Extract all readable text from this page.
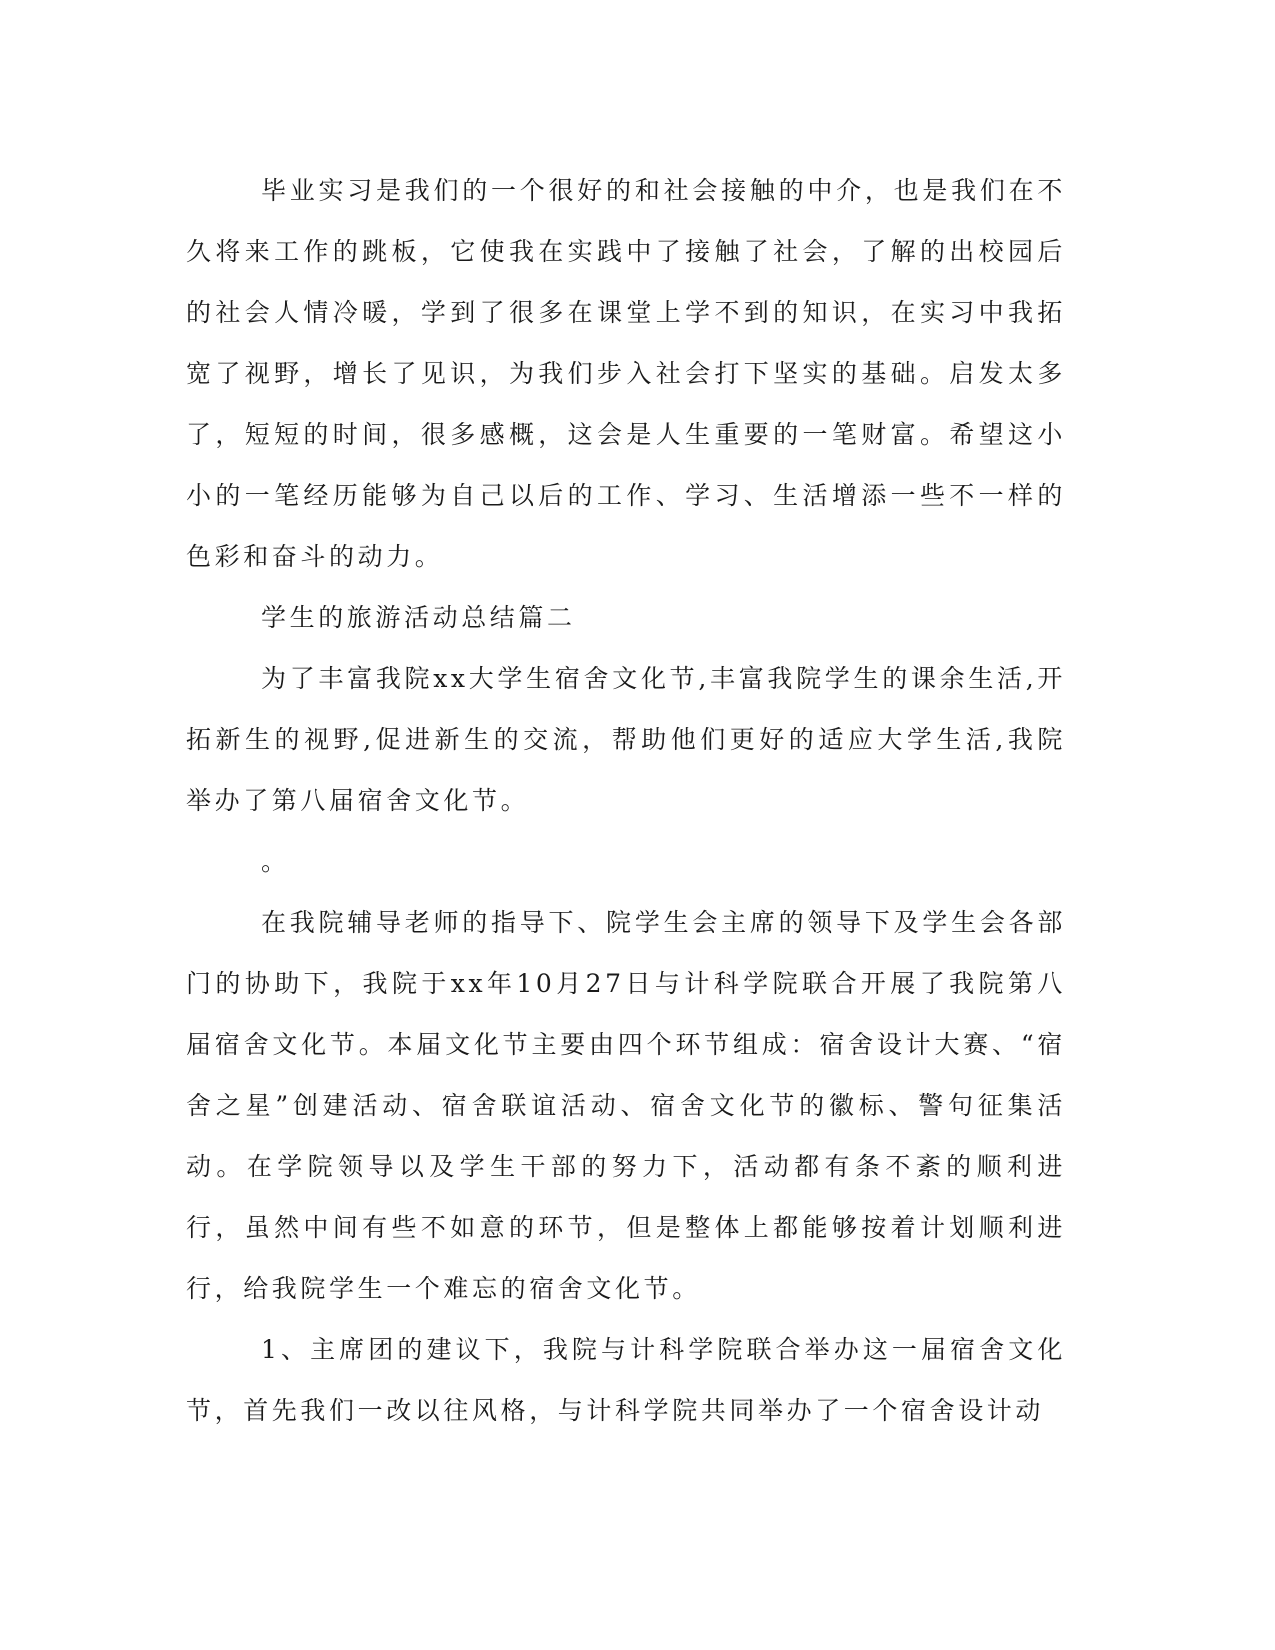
毕业实习是我们的一个很好的和社会接触的中介，也是我们在不久将来工作的跳板，它使我在实践中了接触了社会，了解的出校园后的社会人情冷暖，学到了很多在课堂上学不到的知识，在实习中我拓宽了视野，增长了见识，为我们步入社会打下坚实的基础。启发太多了，短短的时间，很多感概，这会是人生重要的一笔财富。希望这小小的一笔经历能够为自己以后的工作、学习、生活增添一些不一样的色彩和奋斗的动力。

学生的旅游活动总结篇二

为了丰富我院xx大学生宿舍文化节,丰富我院学生的课余生活,开拓新生的视野,促进新生的交流，帮助他们更好的适应大学生活,我院举办了第八届宿舍文化节。

。

在我院辅导老师的指导下、院学生会主席的领导下及学生会各部门的协助下，我院于xx年10月27日与计科学院联合开展了我院第八届宿舍文化节。本届文化节主要由四个环节组成：宿舍设计大赛、“宿舍之星”创建活动、宿舍联谊活动、宿舍文化节的徽标、警句征集活动。在学院领导以及学生干部的努力下，活动都有条不紊的顺利进行，虽然中间有些不如意的环节，但是整体上都能够按着计划顺利进行，给我院学生一个难忘的宿舍文化节。

1、主席团的建议下，我院与计科学院联合举办这一届宿舍文化节，首先我们一改以往风格，与计科学院共同举办了一个宿舍设计动
